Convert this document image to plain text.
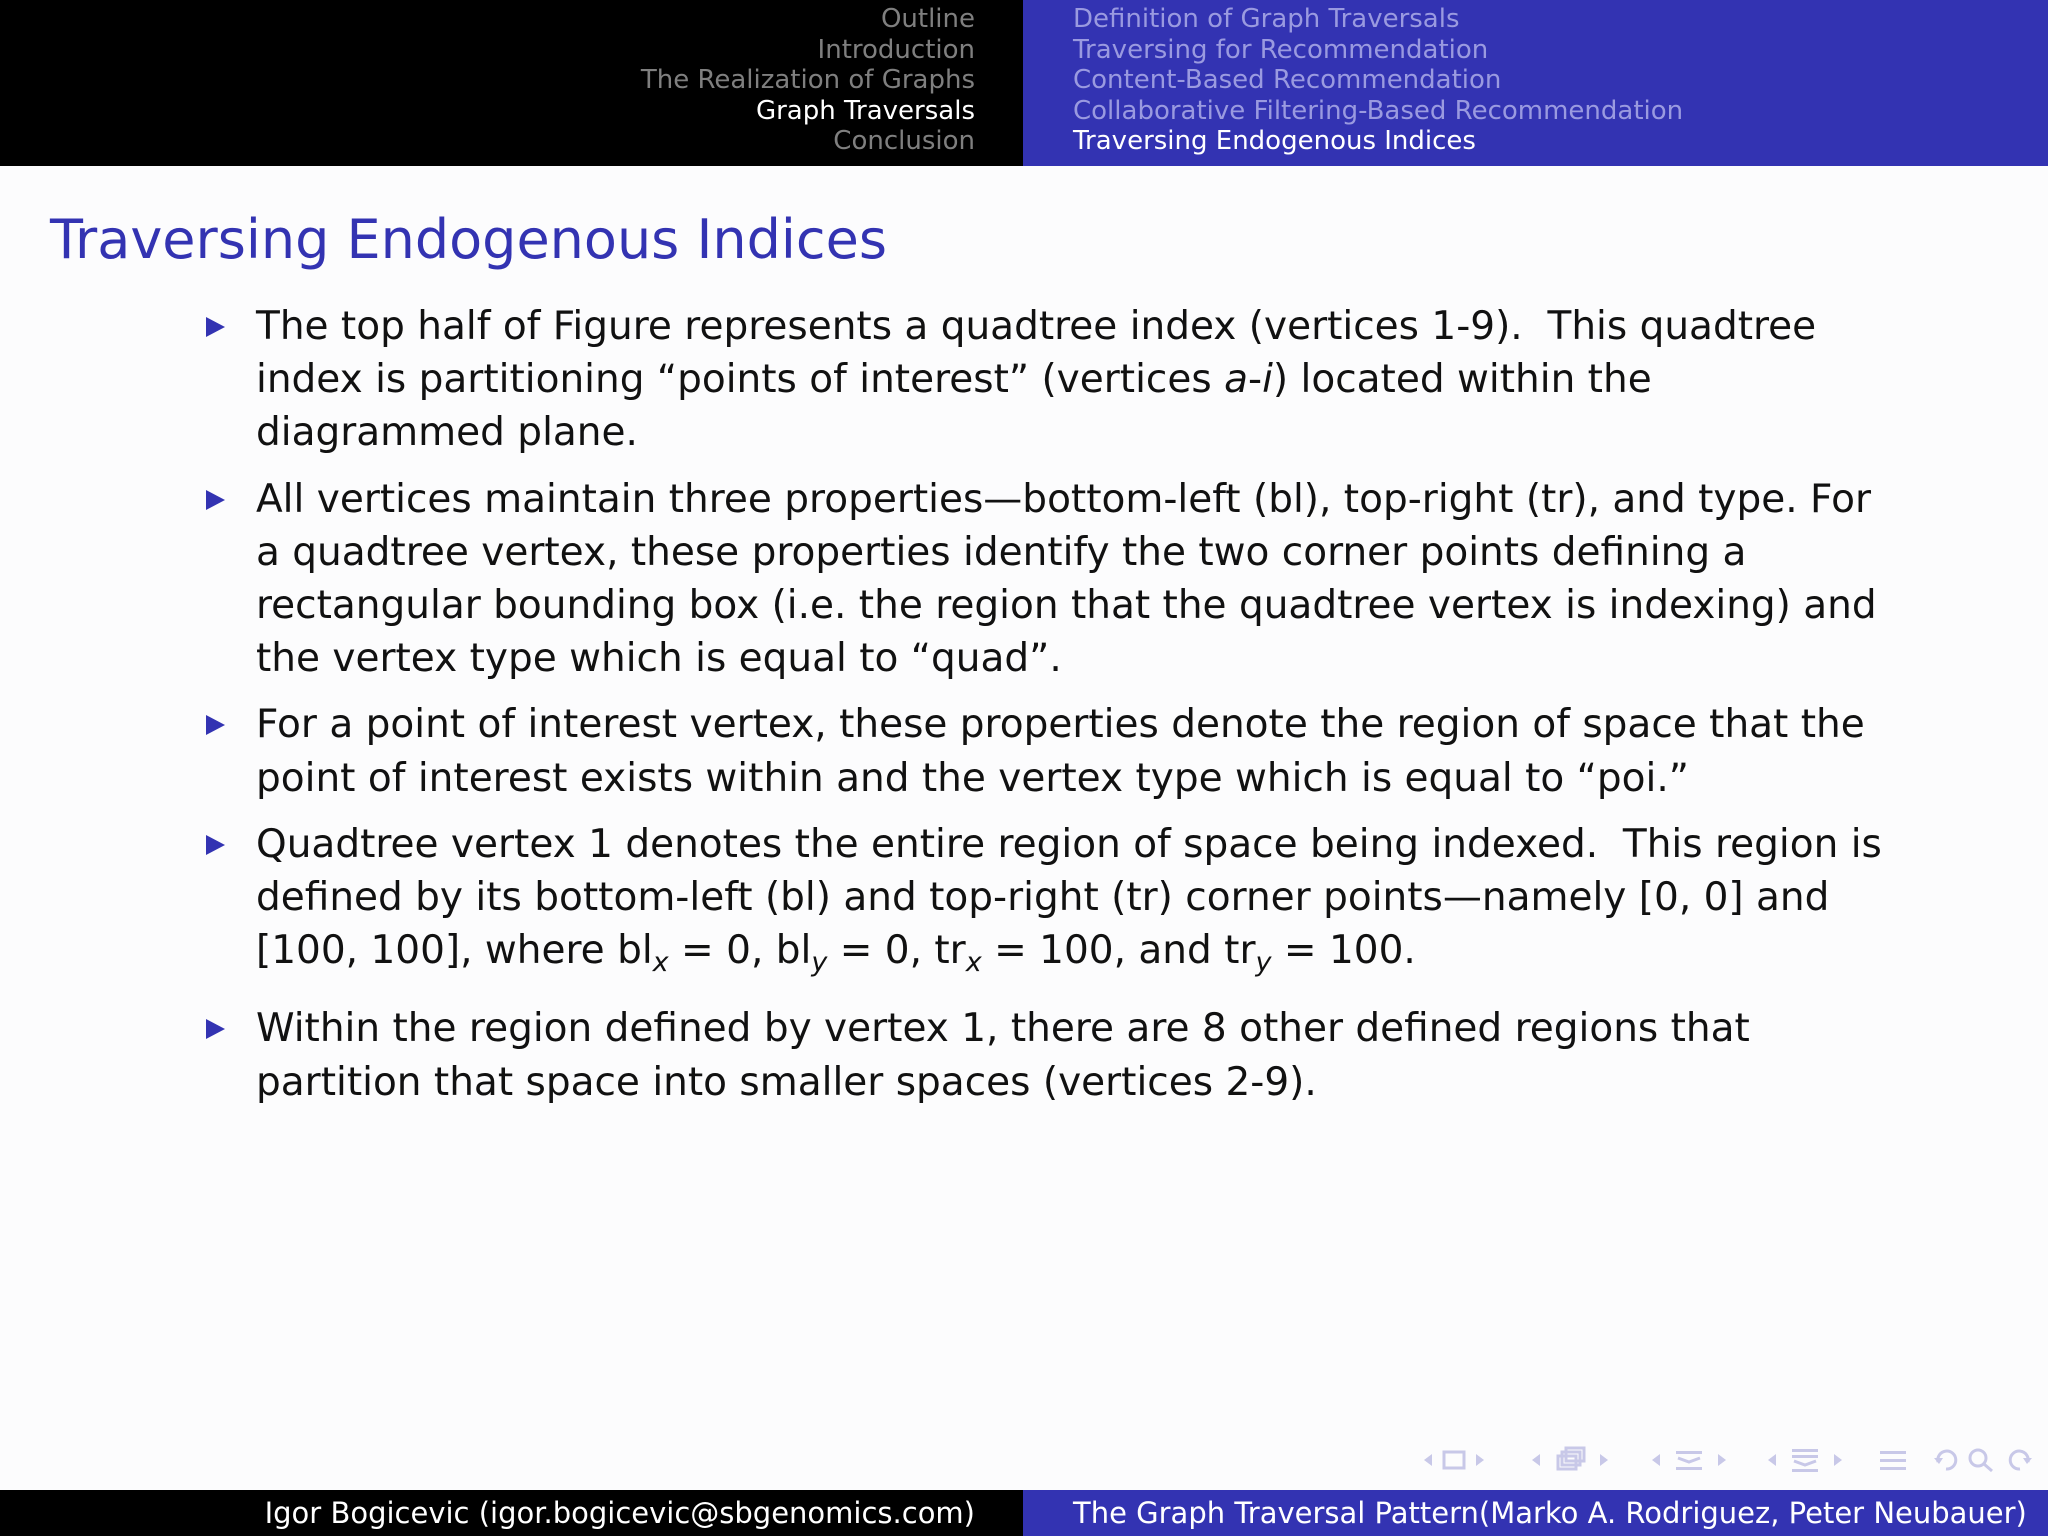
Outline
Introduction
The Realization of Graphs
Graph Traversals
Conclusion
Definition of Graph Traversals
Traversing for Recommendation
Content-Based Recommendation
Collaborative Filtering-Based Recommendation
Traversing Endogenous Indices
Traversing Endogenous Indices
The top half of Figure represents a quadtree index (vertices 1-9).  This quadtree index is partitioning “points of interest” (vertices a-i) located within the diagrammed plane.
All vertices maintain three properties—bottom-left (bl), top-right (tr), and type. For a quadtree vertex, these properties identify the two corner points defining a rectangular bounding box (i.e. the region that the quadtree vertex is indexing) and the vertex type which is equal to “quad”.
For a point of interest vertex, these properties denote the region of space that the point of interest exists within and the vertex type which is equal to “poi.”
Quadtree vertex 1 denotes the entire region of space being indexed.  This region is defined by its bottom-left (bl) and top-right (tr) corner points—namely [0, 0] and [100, 100], where $bl_x = 0$, $bl_y = 0$, $tr_x = 100$, and $tr_y = 100$.
Within the region defined by vertex 1, there are 8 other defined regions that partition that space into smaller spaces (vertices 2-9).
Igor Bogicevic (igor.bogicevic@sbgenomics.com)	The Graph Traversal Pattern(Marko A. Rodriguez, Peter Neubauer)
